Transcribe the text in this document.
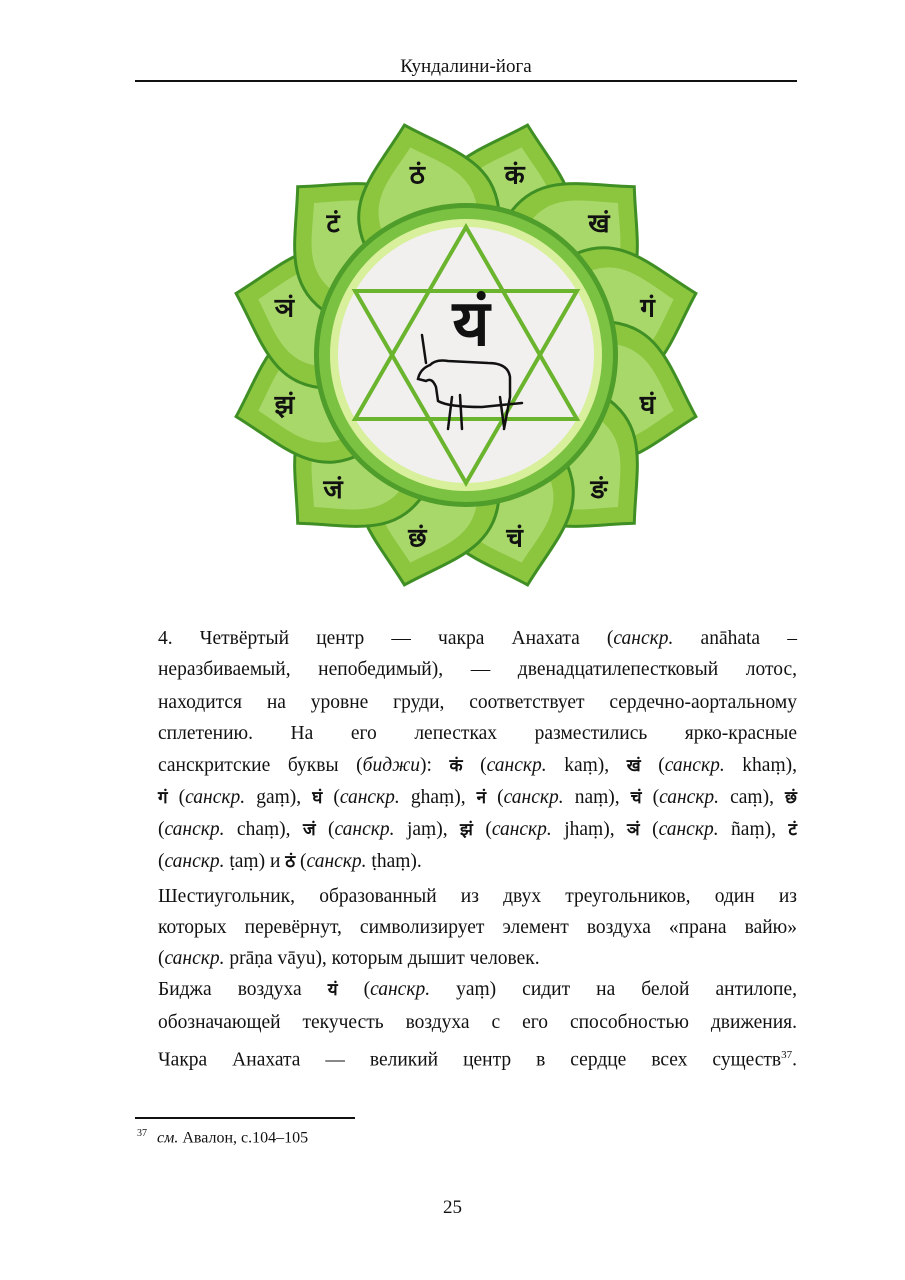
Кундалини-йога
कं
खं
गं
घं
ङं
चं
छं
जं
झं
ञं
टं
ठं
यं
4. Четвёртый центр — чакра Анахата (санскр. anāhata –
неразбиваемый, непобедимый), — двенадцатилепестковый лотос,
находится на уровне груди, соответствует сердечно-аортальному
сплетению. На его лепестках разместились ярко-красные
санскритские буквы (биджи): कं (санскр. kaṃ), खं (санскр. khaṃ),
गं (санскр. gaṃ), घं (санскр. ghaṃ), नं (санскр. naṃ), चं (санскр. caṃ), छं
(санскр. chaṃ), जं (санскр. jaṃ), झं (санскр. jhaṃ), ञं (санскр. ñaṃ), टं
(санскр. ṭaṃ) и ठं (санскр. ṭhaṃ).
Шестиугольник, образованный из двух треугольников, один из
которых перевёрнут, символизирует элемент воздуха «прана вайю»
(санскр. prāṇa vāyu), которым дышит человек.
Биджа воздуха यं (санскр. yaṃ) сидит на белой антилопе,
обозначающей текучесть воздуха с его способностью движения.
Чакра Анахата — великий центр в сердце всех существ$^{37}$.
$^{37}$ см. Авалон, с.104–105
25
